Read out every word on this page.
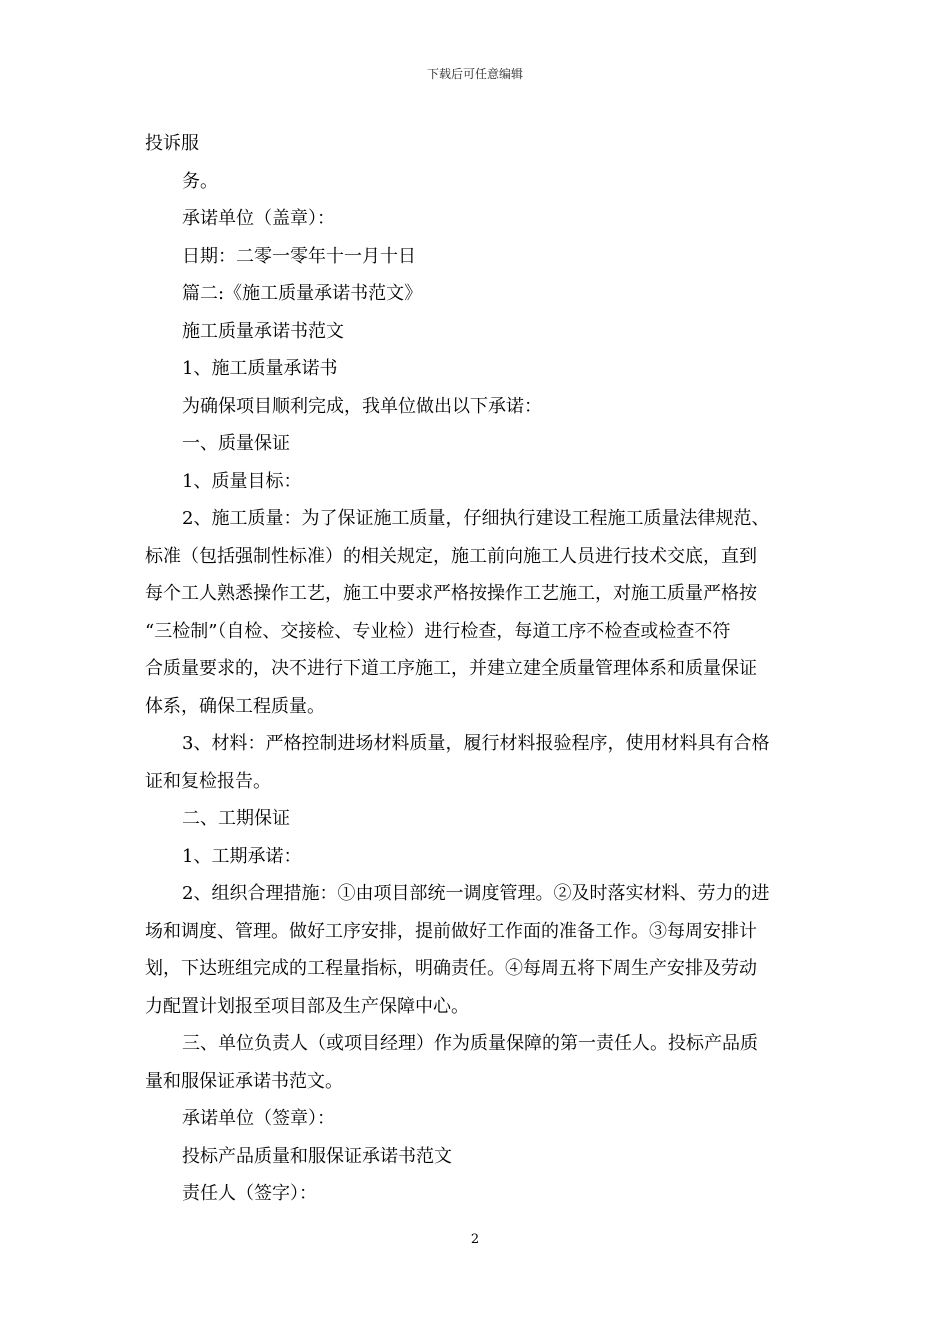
下载后可任意编辑
投诉服
务。
承诺单位（盖章）：
日期：二零一零年十一月十日
篇二:《施工质量承诺书范文》
施工质量承诺书范文
1、施工质量承诺书
为确保项目顺利完成，我单位做出以下承诺：
一、质量保证
1、质量目标：
2、施工质量：为了保证施工质量，仔细执行建设工程施工质量法律规范、
标准（包括强制性标准）的相关规定，施工前向施工人员进行技术交底，直到
每个工人熟悉操作工艺，施工中要求严格按操作工艺施工，对施工质量严格按
“三检制”（自检、交接检、专业检）进行检查，每道工序不检查或检查不符
合质量要求的，决不进行下道工序施工，并建立建全质量管理体系和质量保证
体系，确保工程质量。
3、材料：严格控制进场材料质量，履行材料报验程序，使用材料具有合格
证和复检报告。
二、工期保证
1、工期承诺：
2、组织合理措施：①由项目部统一调度管理。②及时落实材料、劳力的进
场和调度、管理。做好工序安排，提前做好工作面的准备工作。③每周安排计
划，下达班组完成的工程量指标，明确责任。④每周五将下周生产安排及劳动
力配置计划报至项目部及生产保障中心。
三、单位负责人（或项目经理）作为质量保障的第一责任人。投标产品质
量和服保证承诺书范文。
承诺单位（签章）：
投标产品质量和服保证承诺书范文
责任人（签字）：
2
